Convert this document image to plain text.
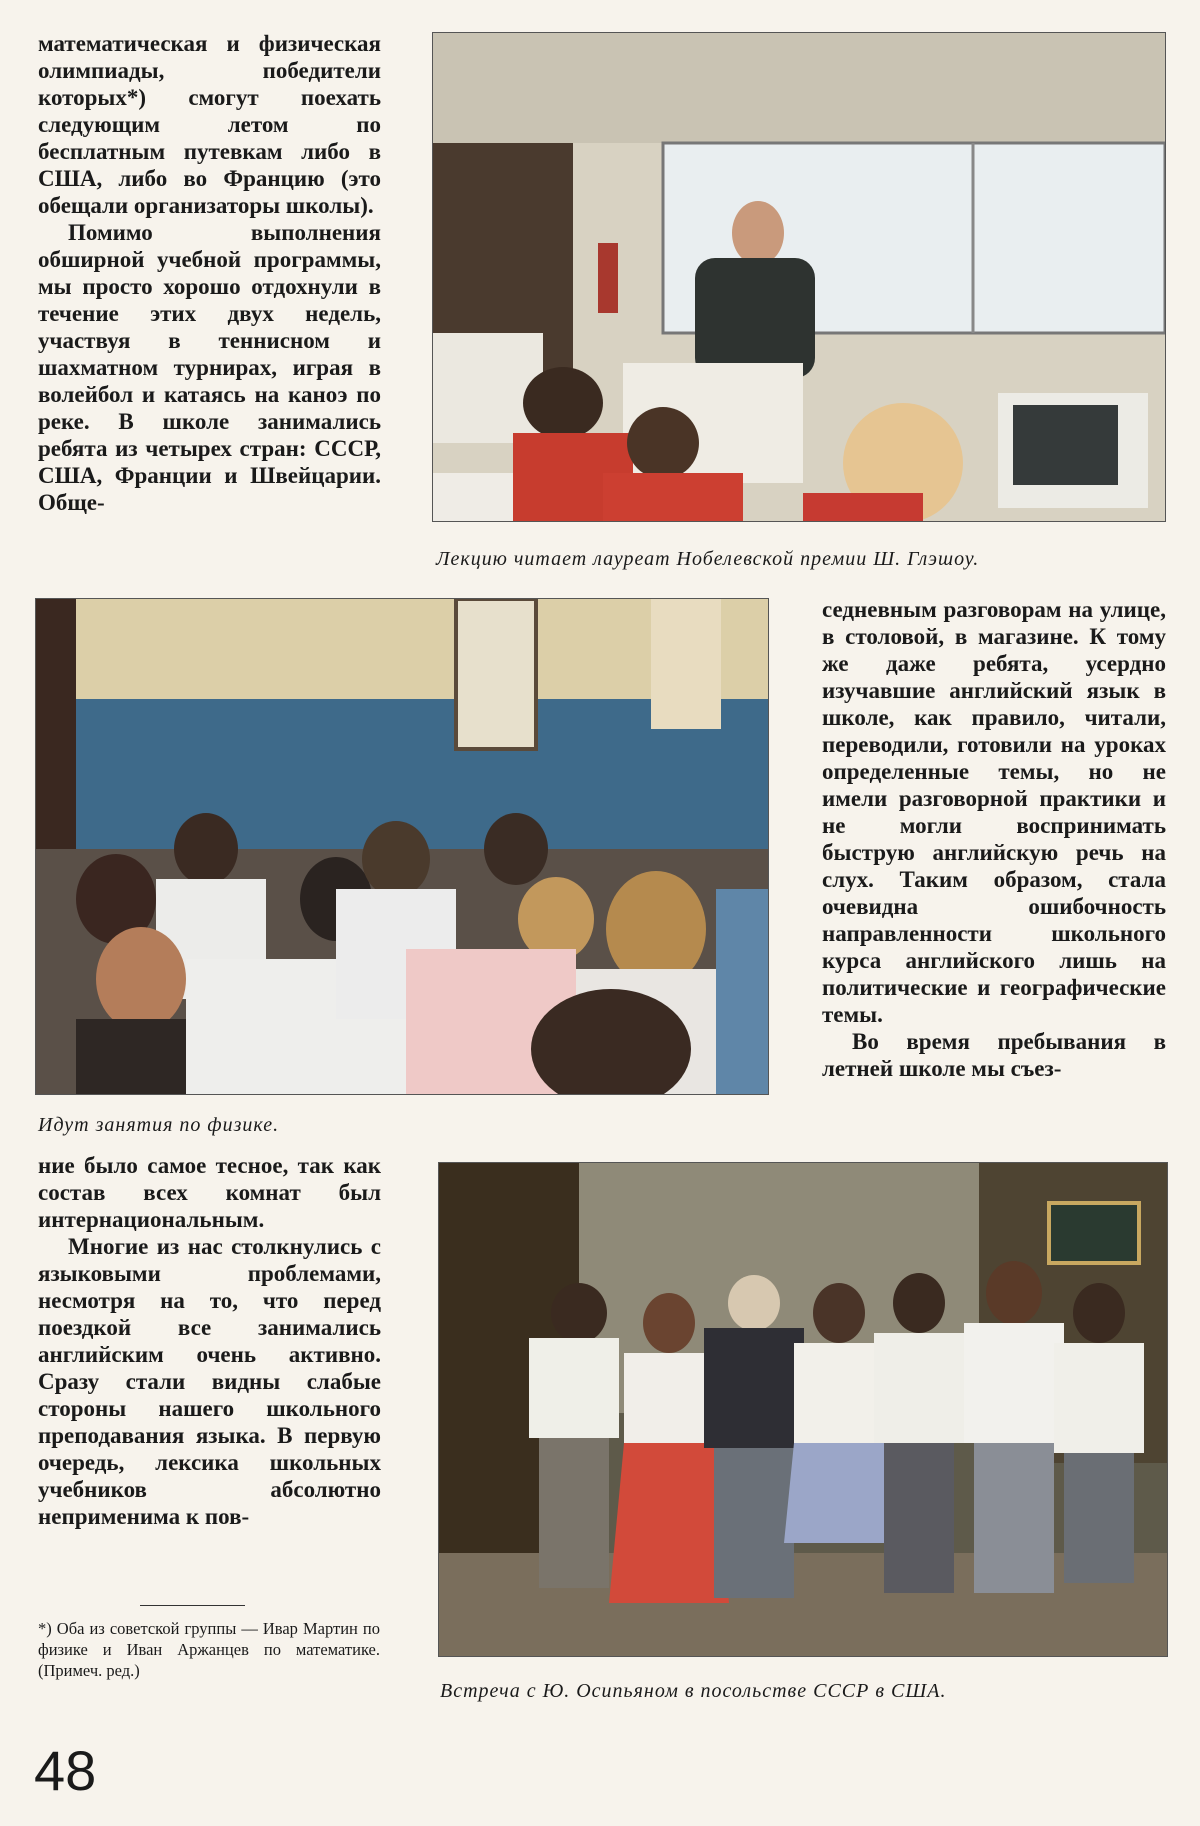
математическая и физическая олимпиады, победители которых*) смогут поехать следующим летом по бесплатным путевкам либо в США, либо во Францию (это обещали организаторы школы).

Помимо выполнения обширной учебной программы, мы просто хорошо отдохнули в течение этих двух недель, участвуя в теннисном и шахматном турнирах, играя в волейбол и катаясь на каноэ по реке. В школе занимались ребята из четырех стран: СССР, США, Франции и Швейцарии. Обще-

Лекцию читает лауреат Нобелевской премии Ш. Глэшоу.
Идут занятия по физике.

седневным разговорам на улице, в столовой, в магазине. К тому же даже ребята, усердно изучавшие английский язык в школе, как правило, читали, переводили, готовили на уроках определенные темы, но не имели разговорной практики и не могли воспринимать быструю английскую речь на слух. Таким образом, стала очевидна ошибочность направленности школьного курса английского лишь на политические и географические темы.

Во время пребывания в летней школе мы съез-

ние было самое тесное, так как состав всех комнат был интернациональным.

Многие из нас столкнулись с языковыми проблемами, несмотря на то, что перед поездкой все занимались английским очень активно. Сразу стали видны слабые стороны нашего школьного преподавания языка. В первую очередь, лексика школьных учебников абсолютно неприменима к пов-

Встреча с Ю. Осипьяном в посольстве СССР в США.
*) Оба из советской группы — Ивар Мартин по физике и Иван Аржанцев по математике. (Примеч. ред.)
48
